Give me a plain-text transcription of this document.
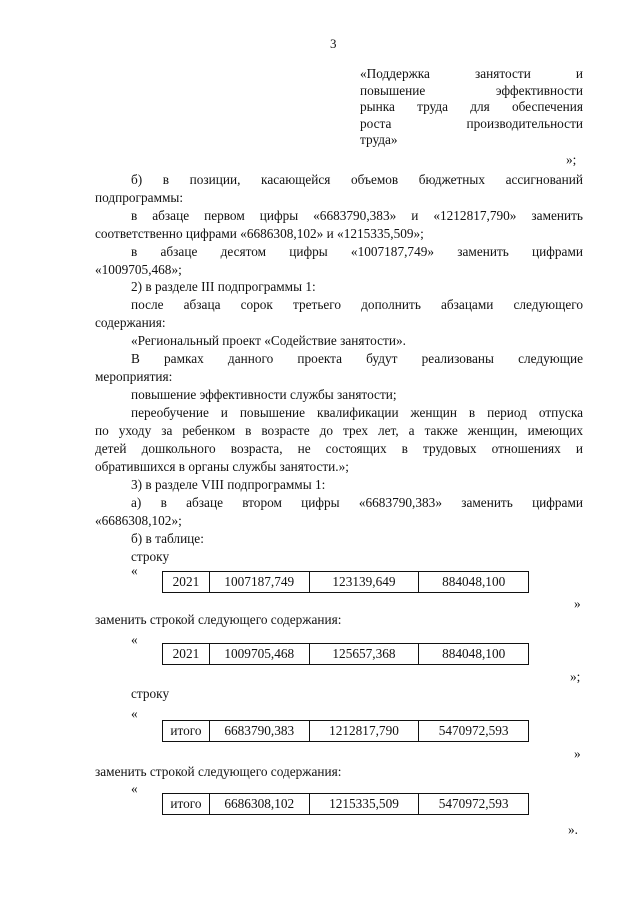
3
«Поддержка занятости и
повышение эффективности
рынка труда для обеспечения
роста производительности
труда»
»;
б) в позиции, касающейся объемов бюджетных ассигнований
подпрограммы:
в абзаце первом цифры «6683790,383» и «1212817,790» заменить
соответственно цифрами «6686308,102» и «1215335,509»;
в абзаце десятом цифры «1007187,749» заменить цифрами
«1009705,468»;
2) в разделе III подпрограммы 1:
после абзаца сорок третьего дополнить абзацами следующего
содержания:
«Региональный проект «Содействие занятости».
В рамках данного проекта будут реализованы следующие
мероприятия:
повышение эффективности службы занятости;
переобучение и повышение квалификации женщин в период отпуска
по уходу за ребенком в возрасте до трех лет, а также женщин, имеющих
детей дошкольного возраста, не состоящих в трудовых отношениях и
обратившихся в органы службы занятости.»;
3) в разделе VIII подпрограммы 1:
а) в абзаце втором цифры «6683790,383» заменить цифрами
«6686308,102»;
б) в таблице:
строку
«
2021	1007187,749	123139,649	884048,100
»
заменить строкой следующего содержания:
«
2021	1009705,468	125657,368	884048,100
»;
строку
«
итого	6683790,383	1212817,790	5470972,593
»
заменить строкой следующего содержания:
«
итого	6686308,102	1215335,509	5470972,593
».
